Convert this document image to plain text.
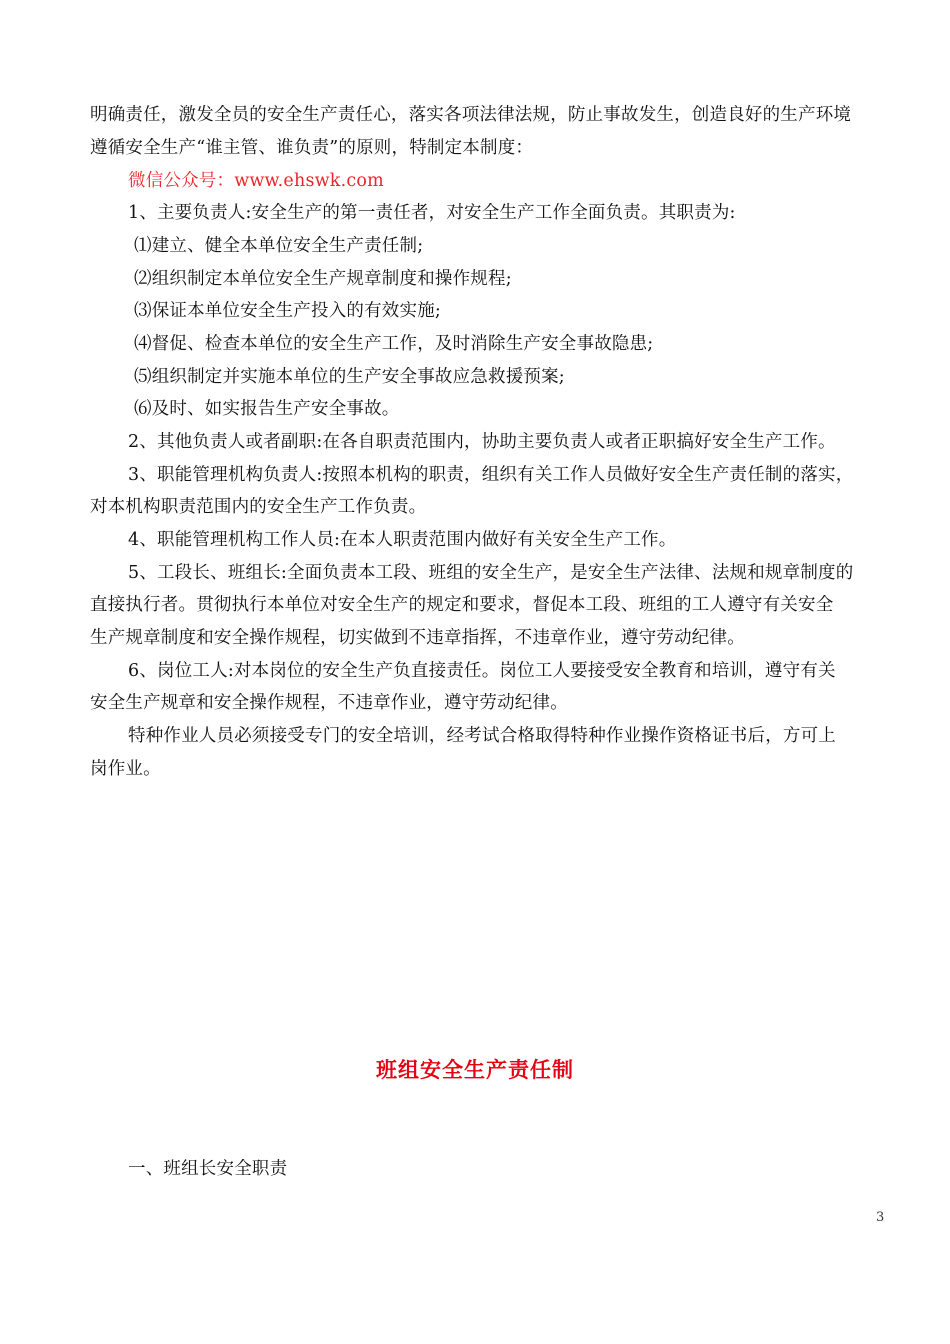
明确责任，激发全员的安全生产责任心，落实各项法律法规，防止事故发生，创造良好的生产环境
遵循安全生产“谁主管、谁负责”的原则，特制定本制度：
微信公众号：www.ehswk.com
1、主要负责人:安全生产的第一责任者，对安全生产工作全面负责。其职责为:
⑴建立、健全本单位安全生产责任制;
⑵组织制定本单位安全生产规章制度和操作规程;
⑶保证本单位安全生产投入的有效实施;
⑷督促、检查本单位的安全生产工作，及时消除生产安全事故隐患;
⑸组织制定并实施本单位的生产安全事故应急救援预案;
⑹及时、如实报告生产安全事故。
2、其他负责人或者副职:在各自职责范围内，协助主要负责人或者正职搞好安全生产工作。
3、职能管理机构负责人:按照本机构的职责，组织有关工作人员做好安全生产责任制的落实，
对本机构职责范围内的安全生产工作负责。
4、职能管理机构工作人员:在本人职责范围内做好有关安全生产工作。
5、工段长、班组长:全面负责本工段、班组的安全生产，是安全生产法律、法规和规章制度的
直接执行者。贯彻执行本单位对安全生产的规定和要求，督促本工段、班组的工人遵守有关安全
生产规章制度和安全操作规程，切实做到不违章指挥，不违章作业，遵守劳动纪律。
6、岗位工人:对本岗位的安全生产负直接责任。岗位工人要接受安全教育和培训，遵守有关
安全生产规章和安全操作规程，不违章作业，遵守劳动纪律。
特种作业人员必须接受专门的安全培训，经考试合格取得特种作业操作资格证书后，方可上
岗作业。
班组安全生产责任制
一、班组长安全职责
3
